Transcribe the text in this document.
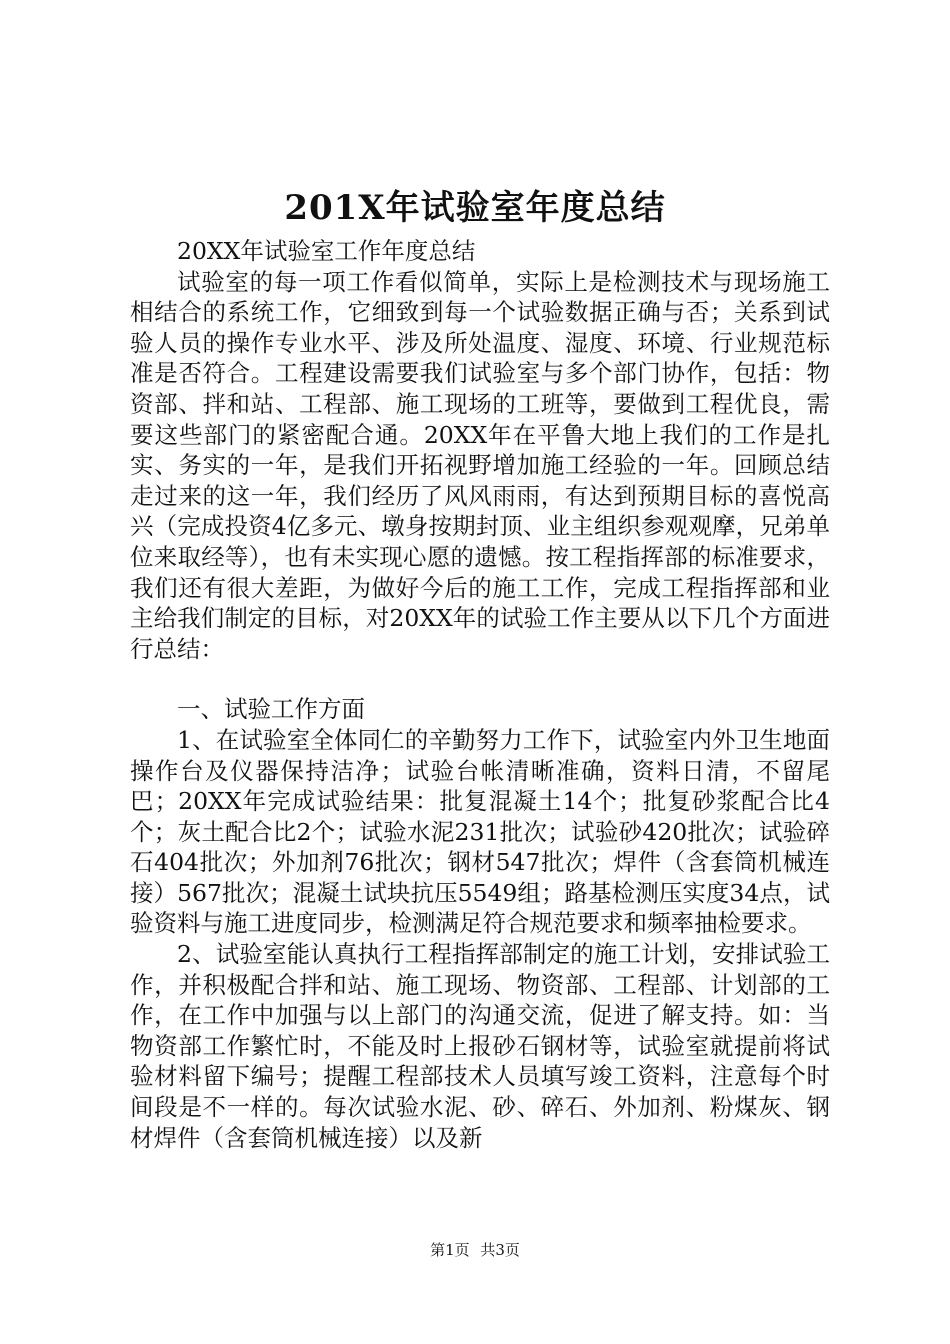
201X年试验室年度总结

20XX年试验室工作年度总结

试验室的每一项工作看似简单，实际上是检测技术与现场施工相结合的系统工作，它细致到每一个试验数据正确与否；关系到试验人员的操作专业水平、涉及所处温度、湿度、环境、行业规范标准是否符合。工程建设需要我们试验室与多个部门协作，包括：物资部、拌和站、工程部、施工现场的工班等，要做到工程优良，需要这些部门的紧密配合通。20XX年在平鲁大地上我们的工作是扎实、务实的一年，是我们开拓视野增加施工经验的一年。回顾总结走过来的这一年，我们经历了风风雨雨，有达到预期目标的喜悦高兴（完成投资4亿多元、墩身按期封顶、业主组织参观观摩，兄弟单位来取经等），也有未实现心愿的遗憾。按工程指挥部的标准要求，我们还有很大差距，为做好今后的施工工作，完成工程指挥部和业主给我们制定的目标，对20XX年的试验工作主要从以下几个方面进行总结：

一、试验工作方面

1、在试验室全体同仁的辛勤努力工作下，试验室内外卫生地面操作台及仪器保持洁净；试验台帐清晰准确，资料日清，不留尾巴；20XX年完成试验结果：批复混凝土14个；批复砂浆配合比4个；灰土配合比2个；试验水泥231批次；试验砂420批次；试验碎石404批次；外加剂76批次；钢材547批次；焊件（含套筒机械连接）567批次；混凝土试块抗压5549组；路基检测压实度34点，试验资料与施工进度同步，检测满足符合规范要求和频率抽检要求。

2、试验室能认真执行工程指挥部制定的施工计划，安排试验工作，并积极配合拌和站、施工现场、物资部、工程部、计划部的工作，在工作中加强与以上部门的沟通交流，促进了解支持。如：当物资部工作繁忙时，不能及时上报砂石钢材等，试验室就提前将试验材料留下编号；提醒工程部技术人员填写竣工资料，注意每个时间段是不一样的。每次试验水泥、砂、碎石、外加剂、粉煤灰、钢材焊件（含套筒机械连接）以及新

第1页 共3页
